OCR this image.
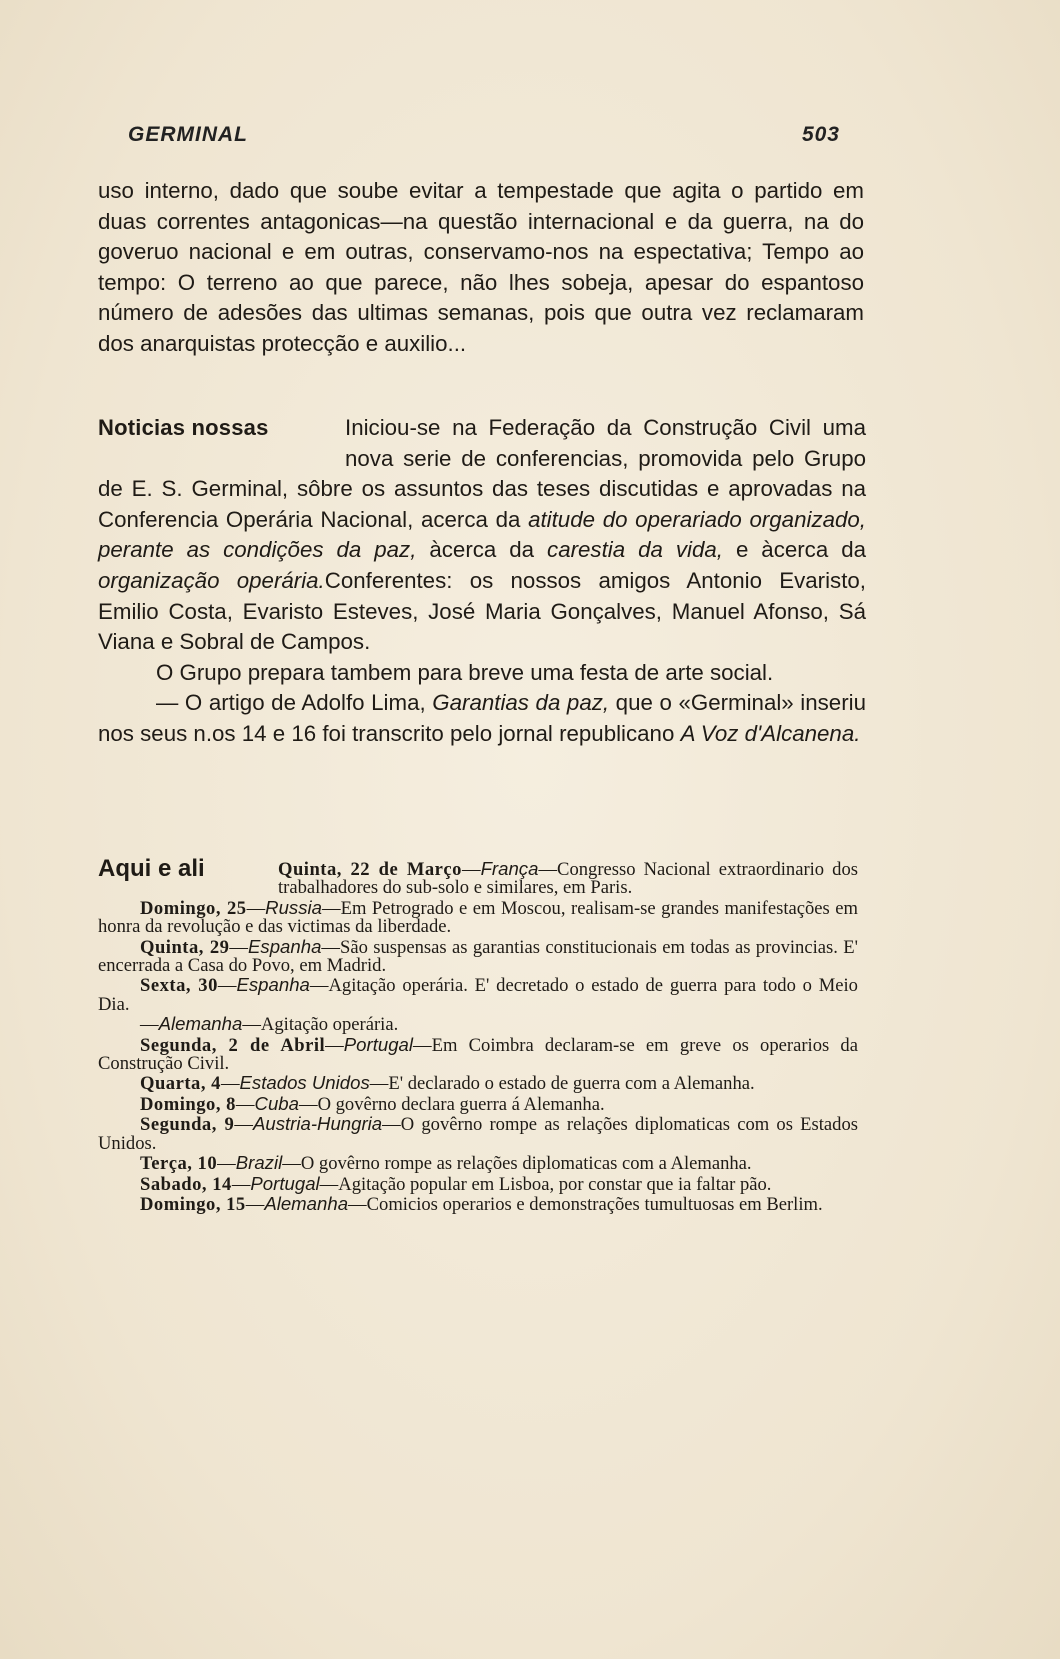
GERMINAL	503

uso interno, dado que soube evitar a tempestade que agita o partido em duas correntes antagonicas—na questão internacional e da guerra, na do goveruo nacional e em outras, conservamo-nos na espectativa; Tempo ao tempo: O terreno ao que parece, não lhes sobeja, apesar do espantoso número de adesões das ultimas semanas, pois que outra vez reclamaram dos anarquistas protecção e auxilio...

Noticias nossas	Iniciou-se na Federação da Construção Civil uma nova serie de conferencias, promovida pelo Grupo de E. S. Germinal, sôbre os assuntos das teses discutidas e aprovadas na Conferencia Operária Nacional, acerca da atitude do operariado organizado, perante as condições da paz, àcerca da carestia da vida, e àcerca da organização operária.Conferentes: os nossos amigos Antonio Evaristo, Emilio Costa, Evaristo Esteves, José Maria Gonçalves, Manuel Afonso, Sá Viana e Sobral de Campos.

O Grupo prepara tambem para breve uma festa de arte social.

— O artigo de Adolfo Lima, Garantias da paz, que o «Germinal» inseriu nos seus n.os 14 e 16 foi transcrito pelo jornal republicano A Voz d'Alcanena.

Aqui e ali	Quinta, 22 de Março—França—Congresso Nacional extraordinario dos trabalhadores do sub-solo e similares, em Paris.

Domingo, 25—Russia—Em Petrogrado e em Moscou, realisam-se grandes manifestações em honra da revolução e das victimas da liberdade.

Quinta, 29—Espanha—São suspensas as garantias constitucionais em todas as provincias. E' encerrada a Casa do Povo, em Madrid.

Sexta, 30—Espanha—Agitação operária. E' decretado o estado de guerra para todo o Meio Dia.

—Alemanha—Agitação operária.

Segunda, 2 de Abril—Portugal—Em Coimbra declaram-se em greve os operarios da Construção Civil.

Quarta, 4—Estados Unidos—E' declarado o estado de guerra com a Alemanha.

Domingo, 8—Cuba—O govêrno declara guerra á Alemanha.

Segunda, 9—Austria-Hungria—O govêrno rompe as relações diplomaticas com os Estados Unidos.

Terça, 10—Brazil—O govêrno rompe as relações diplomaticas com a Alemanha.

Sabado, 14—Portugal—Agitação popular em Lisboa, por constar que ia faltar pão.

Domingo, 15—Alemanha—Comicios operarios e demonstrações tumultuosas em Berlim.
